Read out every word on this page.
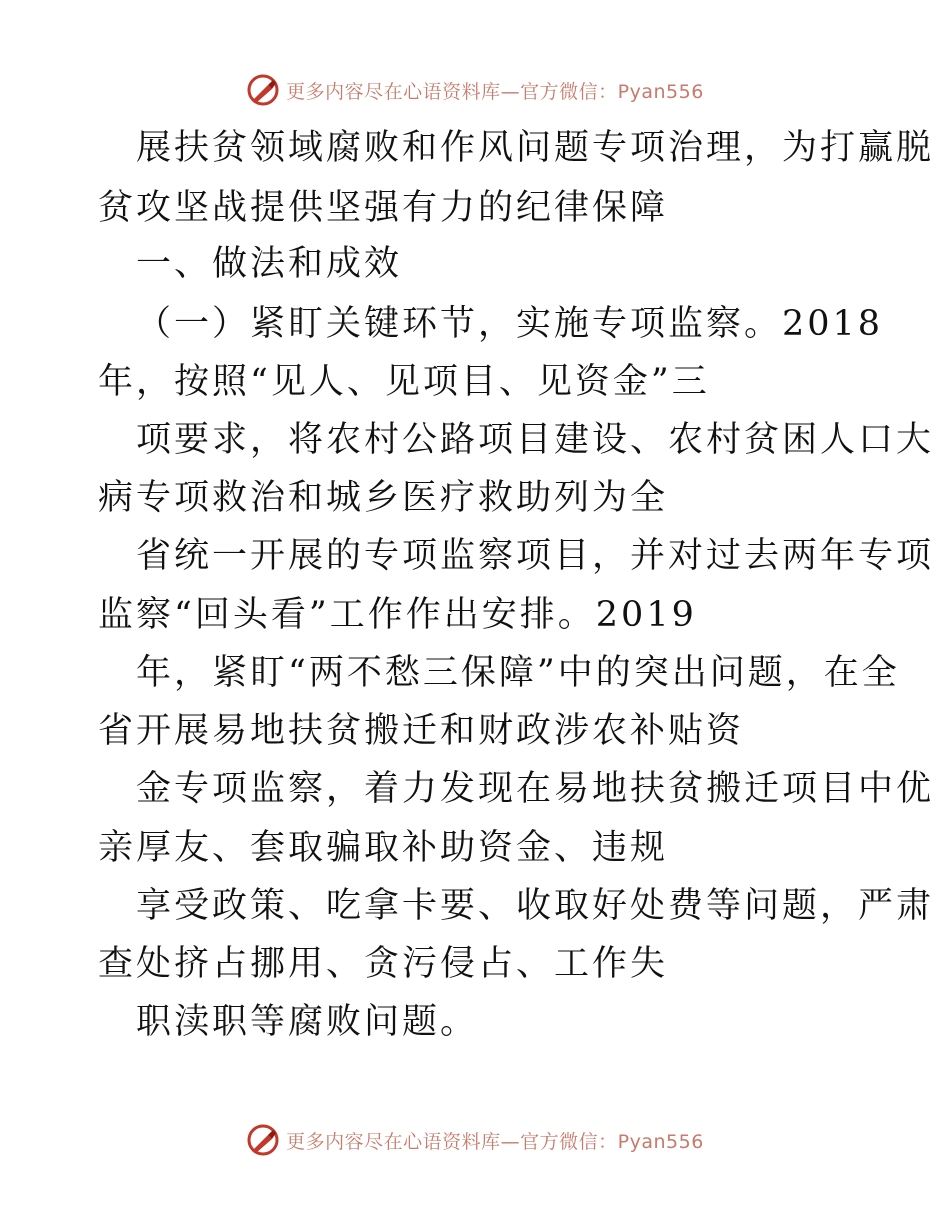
更多内容尽在心语资料库—官方微信：Pyan556
展扶贫领域腐败和作风问题专项治理，为打赢脱
贫攻坚战提供坚强有力的纪律保障
一、做法和成效
（一）紧盯关键环节，实施专项监察。2018
年，按照“见人、见项目、见资金”三
项要求，将农村公路项目建设、农村贫困人口大
病专项救治和城乡医疗救助列为全
省统一开展的专项监察项目，并对过去两年专项
监察“回头看”工作作出安排。2019
年，紧盯“两不愁三保障”中的突出问题，在全
省开展易地扶贫搬迁和财政涉农补贴资
金专项监察，着力发现在易地扶贫搬迁项目中优
亲厚友、套取骗取补助资金、违规
享受政策、吃拿卡要、收取好处费等问题，严肃
查处挤占挪用、贪污侵占、工作失
职渎职等腐败问题。
更多内容尽在心语资料库—官方微信：Pyan556
